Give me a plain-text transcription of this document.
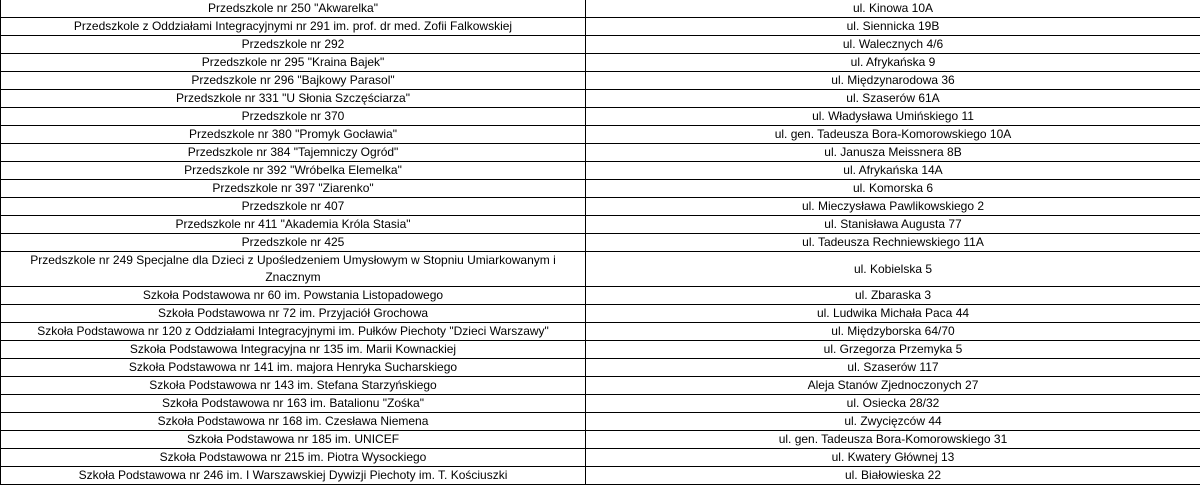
Przedszkole nr 250 "Akwarelka"	ul. Kinowa 10A
Przedszkole z Oddziałami Integracyjnymi nr 291 im. prof. dr med. Zofii Falkowskiej	ul. Siennicka 19B
Przedszkole nr 292	ul. Walecznych 4/6
Przedszkole nr 295 "Kraina Bajek"	ul. Afrykańska 9
Przedszkole nr 296 "Bajkowy Parasol"	ul. Międzynarodowa 36
Przedszkole nr 331 "U Słonia Szczęściarza"	ul. Szaserów 61A
Przedszkole nr 370	ul. Władysława Umińskiego 11
Przedszkole nr 380 "Promyk Gocławia"	ul. gen. Tadeusza Bora-Komorowskiego 10A
Przedszkole nr 384 "Tajemniczy Ogród"	ul. Janusza Meissnera 8B
Przedszkole nr 392 "Wróbelka Elemelka"	ul. Afrykańska 14A
Przedszkole nr 397 "Ziarenko"	ul. Komorska 6
Przedszkole nr 407	ul. Mieczysława Pawlikowskiego 2
Przedszkole nr 411 "Akademia Króla Stasia"	ul. Stanisława Augusta 77
Przedszkole nr 425	ul. Tadeusza Rechniewskiego 11A
Przedszkole nr 249 Specjalne dla Dzieci z Upośledzeniem Umysłowym w Stopniu Umiarkowanym i Znacznym	ul. Kobielska 5
Szkoła Podstawowa nr 60 im. Powstania Listopadowego	ul. Zbaraska 3
Szkoła Podstawowa nr 72 im. Przyjaciół Grochowa	ul. Ludwika Michała Paca 44
Szkoła Podstawowa nr 120 z Oddziałami Integracyjnymi im. Pułków Piechoty "Dzieci Warszawy"	ul. Międzyborska 64/70
Szkoła Podstawowa Integracyjna nr 135 im. Marii Kownackiej	ul. Grzegorza Przemyka 5
Szkoła Podstawowa nr 141 im. majora Henryka Sucharskiego	ul. Szaserów 117
Szkoła Podstawowa nr 143 im. Stefana Starzyńskiego	Aleja Stanów Zjednoczonych 27
Szkoła Podstawowa nr 163 im. Batalionu "Zośka"	ul. Osiecka 28/32
Szkoła Podstawowa nr 168 im. Czesława Niemena	ul. Zwycięzców 44
Szkoła Podstawowa nr 185 im. UNICEF	ul. gen. Tadeusza Bora-Komorowskiego 31
Szkoła Podstawowa nr 215 im. Piotra Wysockiego	ul. Kwatery Głównej 13
Szkoła Podstawowa nr 246 im. I Warszawskiej Dywizji Piechoty im. T. Kościuszki	ul. Białowieska 22
